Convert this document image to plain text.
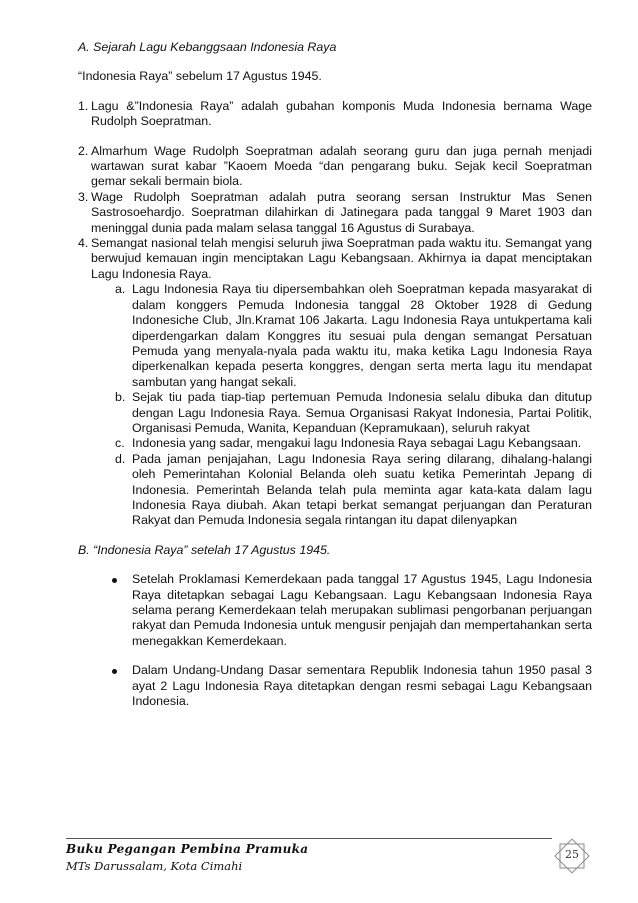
A. Sejarah Lagu Kebanggsaan Indonesia Raya
“Indonesia Raya” sebelum 17 Agustus 1945.
1. Lagu &”Indonesia Raya” adalah gubahan komponis Muda Indonesia bernama Wage Rudolph Soepratman.
2. Almarhum Wage Rudolph Soepratman adalah seorang guru dan juga pernah menjadi wartawan surat kabar ”Kaoem Moeda “dan pengarang buku. Sejak kecil Soepratman gemar sekali bermain biola.
3. Wage Rudolph Soepratman adalah putra seorang sersan Instruktur Mas Senen Sastrosoehardjo. Soepratman dilahirkan di Jatinegara pada tanggal 9 Maret 1903 dan meninggal dunia pada malam selasa tanggal 16 Agustus di Surabaya.
4. Semangat nasional telah mengisi seluruh jiwa Soepratman pada waktu itu. Semangat yang berwujud kemauan ingin menciptakan Lagu Kebangsaan. Akhirnya ia dapat menciptakan Lagu Indonesia Raya.
a. Lagu Indonesia Raya tiu dipersembahkan oleh Soepratman kepada masyarakat di dalam konggers Pemuda Indonesia tanggal 28 Oktober 1928 di Gedung Indonesiche Club, Jln.Kramat 106 Jakarta. Lagu Indonesia Raya untukpertama kali diperdengarkan dalam Konggres itu sesuai pula dengan semangat Persatuan Pemuda yang menyala-nyala pada waktu itu, maka ketika Lagu Indonesia Raya diperkenalkan kepada peserta konggres, dengan serta merta lagu itu mendapat sambutan yang hangat sekali.
b. Sejak tiu pada tiap-tiap pertemuan Pemuda Indonesia selalu dibuka dan ditutup dengan Lagu Indonesia Raya. Semua Organisasi Rakyat Indonesia, Partai Politik, Organisasi Pemuda, Wanita, Kepanduan (Kepramukaan), seluruh rakyat
c. Indonesia yang sadar, mengakui lagu Indonesia Raya sebagai Lagu Kebangsaan.
d. Pada jaman penjajahan, Lagu Indonesia Raya sering dilarang, dihalang-halangi oleh Pemerintahan Kolonial Belanda oleh suatu ketika Pemerintah Jepang di Indonesia. Pemerintah Belanda telah pula meminta agar kata-kata dalam lagu Indonesia Raya diubah. Akan tetapi berkat semangat perjuangan dan Peraturan Rakyat dan Pemuda Indonesia segala rintangan itu dapat dilenyapkan
B. “Indonesia Raya” setelah 17 Agustus 1945.
Setelah Proklamasi Kemerdekaan pada tanggal 17 Agustus 1945, Lagu Indonesia Raya ditetapkan sebagai Lagu Kebangsaan. Lagu Kebangsaan Indonesia Raya selama perang Kemerdekaan telah merupakan sublimasi pengorbanan perjuangan rakyat dan Pemuda Indonesia untuk mengusir penjajah dan mempertahankan serta menegakkan Kemerdekaan.
Dalam Undang-Undang Dasar sementara Republik Indonesia tahun 1950 pasal 3 ayat 2 Lagu Indonesia Raya ditetapkan dengan resmi sebagai Lagu Kebangsaan Indonesia.
Buku Pegangan Pembina Pramuka
MTs Darussalam, Kota Cimahi
25
